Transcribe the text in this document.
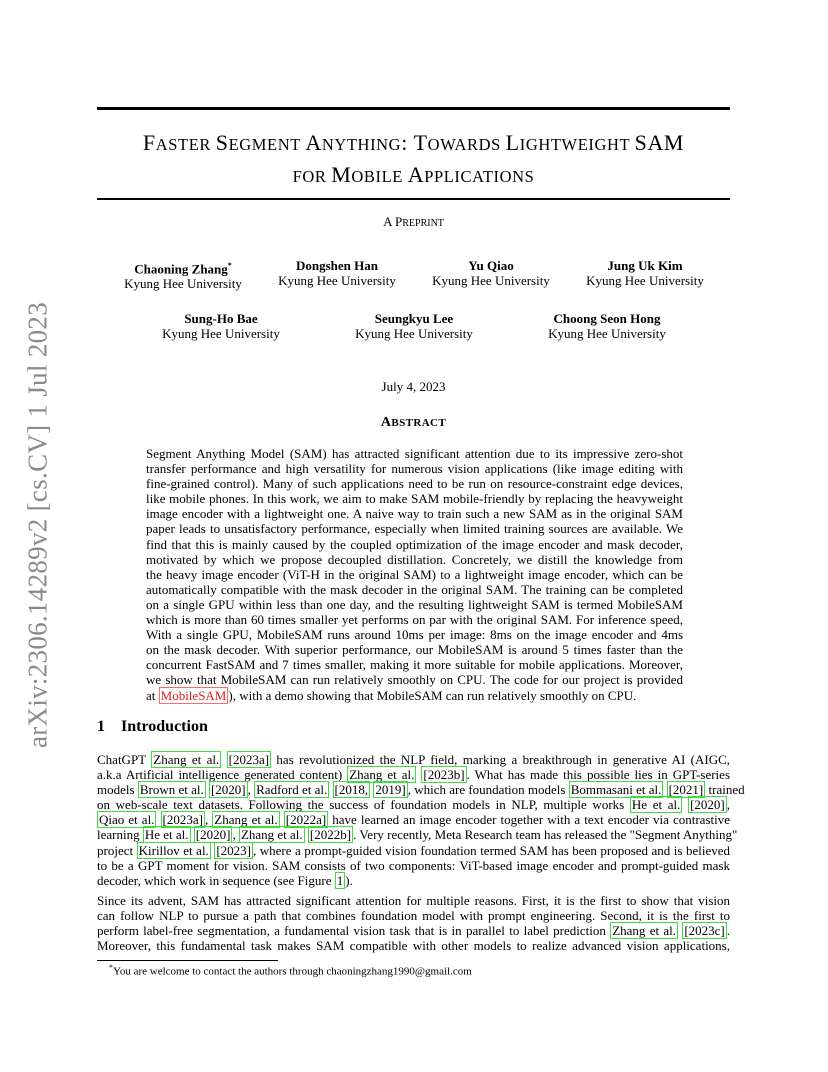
arXiv:2306.14289v2 [cs.CV] 1 Jul 2023
FASTER SEGMENT ANYTHING: TOWARDS LIGHTWEIGHT SAM
FOR MOBILE APPLICATIONS
A PREPRINT
Chaoning Zhang*
Kyung Hee University
Dongshen Han
Kyung Hee University
Yu Qiao
Kyung Hee University
Jung Uk Kim
Kyung Hee University
Sung-Ho Bae
Kyung Hee University
Seungkyu Lee
Kyung Hee University
Choong Seon Hong
Kyung Hee University
July 4, 2023
ABSTRACT
Segment Anything Model (SAM) has attracted significant attention due to its impressive zero-shot
transfer performance and high versatility for numerous vision applications (like image editing with
fine-grained control). Many of such applications need to be run on resource-constraint edge devices,
like mobile phones. In this work, we aim to make SAM mobile-friendly by replacing the heavyweight
image encoder with a lightweight one. A naive way to train such a new SAM as in the original SAM
paper leads to unsatisfactory performance, especially when limited training sources are available. We
find that this is mainly caused by the coupled optimization of the image encoder and mask decoder,
motivated by which we propose decoupled distillation. Concretely, we distill the knowledge from
the heavy image encoder (ViT-H in the original SAM) to a lightweight image encoder, which can be
automatically compatible with the mask decoder in the original SAM. The training can be completed
on a single GPU within less than one day, and the resulting lightweight SAM is termed MobileSAM
which is more than 60 times smaller yet performs on par with the original SAM. For inference speed,
With a single GPU, MobileSAM runs around 10ms per image: 8ms on the image encoder and 4ms
on the mask decoder. With superior performance, our MobileSAM is around 5 times faster than the
concurrent FastSAM and 7 times smaller, making it more suitable for mobile applications. Moreover,
we show that MobileSAM can run relatively smoothly on CPU. The code for our project is provided
at MobileSAM ), with a demo showing that MobileSAM can run relatively smoothly on CPU.
1 Introduction
ChatGPT Zhang et al. [2023a] has revolutionized the NLP field, marking a breakthrough in generative AI (AIGC,
a.k.a Artificial intelligence generated content) Zhang et al. [2023b] . What has made this possible lies in GPT-series
models Brown et al. [2020] , Radford et al. [2018, 2019] , which are foundation models Bommasani et al. [2021] trained
on web-scale text datasets. Following the success of foundation models in NLP, multiple works He et al. [2020] ,
Qiao et al. [2023a] , Zhang et al. [2022a] have learned an image encoder together with a text encoder via contrastive
learning He et al. [2020] , Zhang et al. [2022b] . Very recently, Meta Research team has released the "Segment Anything"
project Kirillov et al. [2023] , where a prompt-guided vision foundation termed SAM has been proposed and is believed
to be a GPT moment for vision. SAM consists of two components: ViT-based image encoder and prompt-guided mask
decoder, which work in sequence (see Figure 1 ).
Since its advent, SAM has attracted significant attention for multiple reasons. First, it is the first to show that vision
can follow NLP to pursue a path that combines foundation model with prompt engineering. Second, it is the first to
perform label-free segmentation, a fundamental vision task that is in parallel to label prediction Zhang et al. [2023c] .
Moreover, this fundamental task makes SAM compatible with other models to realize advanced vision applications,
*You are welcome to contact the authors through chaoningzhang1990@gmail.com
